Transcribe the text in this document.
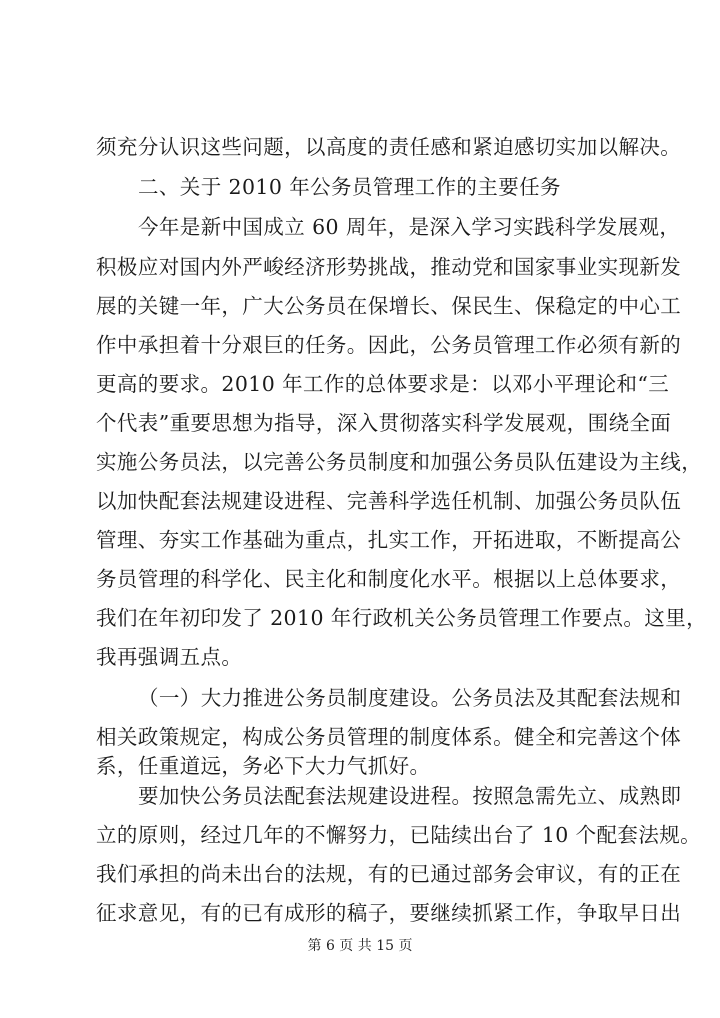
须充分认识这些问题，以高度的责任感和紧迫感切实加以解决。
二、关于 2010 年公务员管理工作的主要任务
今年是新中国成立 60 周年，是深入学习实践科学发展观，
积极应对国内外严峻经济形势挑战，推动党和国家事业实现新发
展的关键一年，广大公务员在保增长、保民生、保稳定的中心工
作中承担着十分艰巨的任务。因此，公务员管理工作必须有新的
更高的要求。2010 年工作的总体要求是：以邓小平理论和“三
个代表”重要思想为指导，深入贯彻落实科学发展观，围绕全面
实施公务员法，以完善公务员制度和加强公务员队伍建设为主线，
以加快配套法规建设进程、完善科学选任机制、加强公务员队伍
管理、夯实工作基础为重点，扎实工作，开拓进取，不断提高公
务员管理的科学化、民主化和制度化水平。根据以上总体要求，
我们在年初印发了 2010 年行政机关公务员管理工作要点。这里，
我再强调五点。
（一）大力推进公务员制度建设。公务员法及其配套法规和
相关政策规定，构成公务员管理的制度体系。健全和完善这个体
系，任重道远，务必下大力气抓好。
要加快公务员法配套法规建设进程。按照急需先立、成熟即
立的原则，经过几年的不懈努力，已陆续出台了 10 个配套法规。
我们承担的尚未出台的法规，有的已通过部务会审议，有的正在
第 6 页 共 15 页
征求意见，有的已有成形的稿子，要继续抓紧工作，争取早日出
